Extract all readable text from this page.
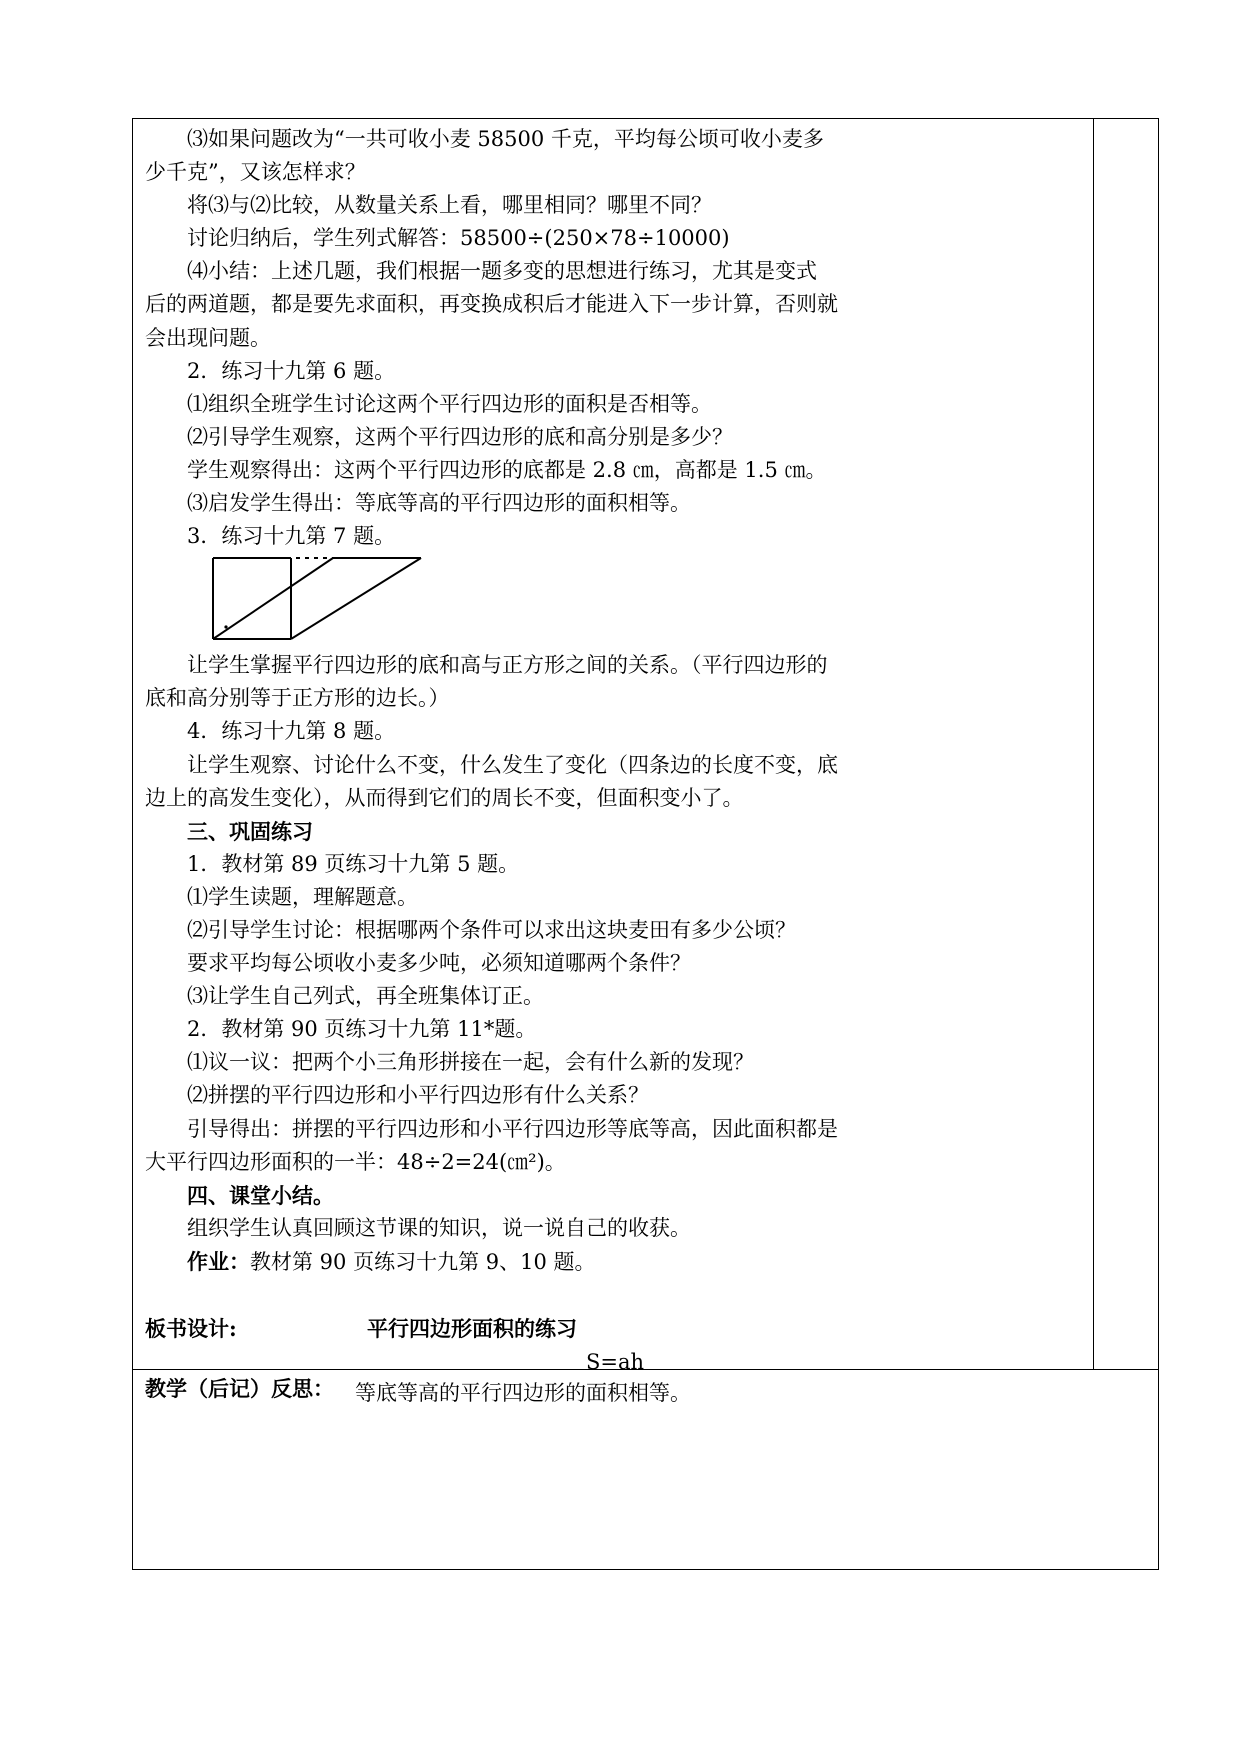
⑶如果问题改为“一共可收小麦 58500 千克，平均每公顷可收小麦多
少千克”，又该怎样求？
将⑶与⑵比较，从数量关系上看，哪里相同？哪里不同？
讨论归纳后，学生列式解答：58500÷(250×78÷10000)
⑷小结：上述几题，我们根据一题多变的思想进行练习，尤其是变式
后的两道题，都是要先求面积，再变换成积后才能进入下一步计算，否则就
会出现问题。
2．练习十九第 6 题。
⑴组织全班学生讨论这两个平行四边形的面积是否相等。
⑵引导学生观察，这两个平行四边形的底和高分别是多少？
学生观察得出：这两个平行四边形的底都是 2.8 ㎝，高都是 1.5 ㎝。
⑶启发学生得出：等底等高的平行四边形的面积相等。
3．练习十九第 7 题。
让学生掌握平行四边形的底和高与正方形之间的关系。（平行四边形的
底和高分别等于正方形的边长。）
4．练习十九第 8 题。
让学生观察、讨论什么不变，什么发生了变化（四条边的长度不变，底
边上的高发生变化），从而得到它们的周长不变，但面积变小了。
三、巩固练习
1．教材第 89 页练习十九第 5 题。
⑴学生读题，理解题意。
⑵引导学生讨论：根据哪两个条件可以求出这块麦田有多少公顷？
要求平均每公顷收小麦多少吨，必须知道哪两个条件？
⑶让学生自己列式，再全班集体订正。
2．教材第 90 页练习十九第 11*题。
⑴议一议：把两个小三角形拼接在一起，会有什么新的发现？
⑵拼摆的平行四边形和小平行四边形有什么关系？
引导得出：拼摆的平行四边形和小平行四边形等底等高，因此面积都是
大平行四边形面积的一半：48÷2=24(㎝²)。
四、课堂小结。
组织学生认真回顾这节课的知识，说一说自己的收获。
作业：教材第 90 页练习十九第 9、10 题。
板书设计:	平行四边形面积的练习
S=ah
等底等高的平行四边形的面积相等。
教学（后记）反思：
